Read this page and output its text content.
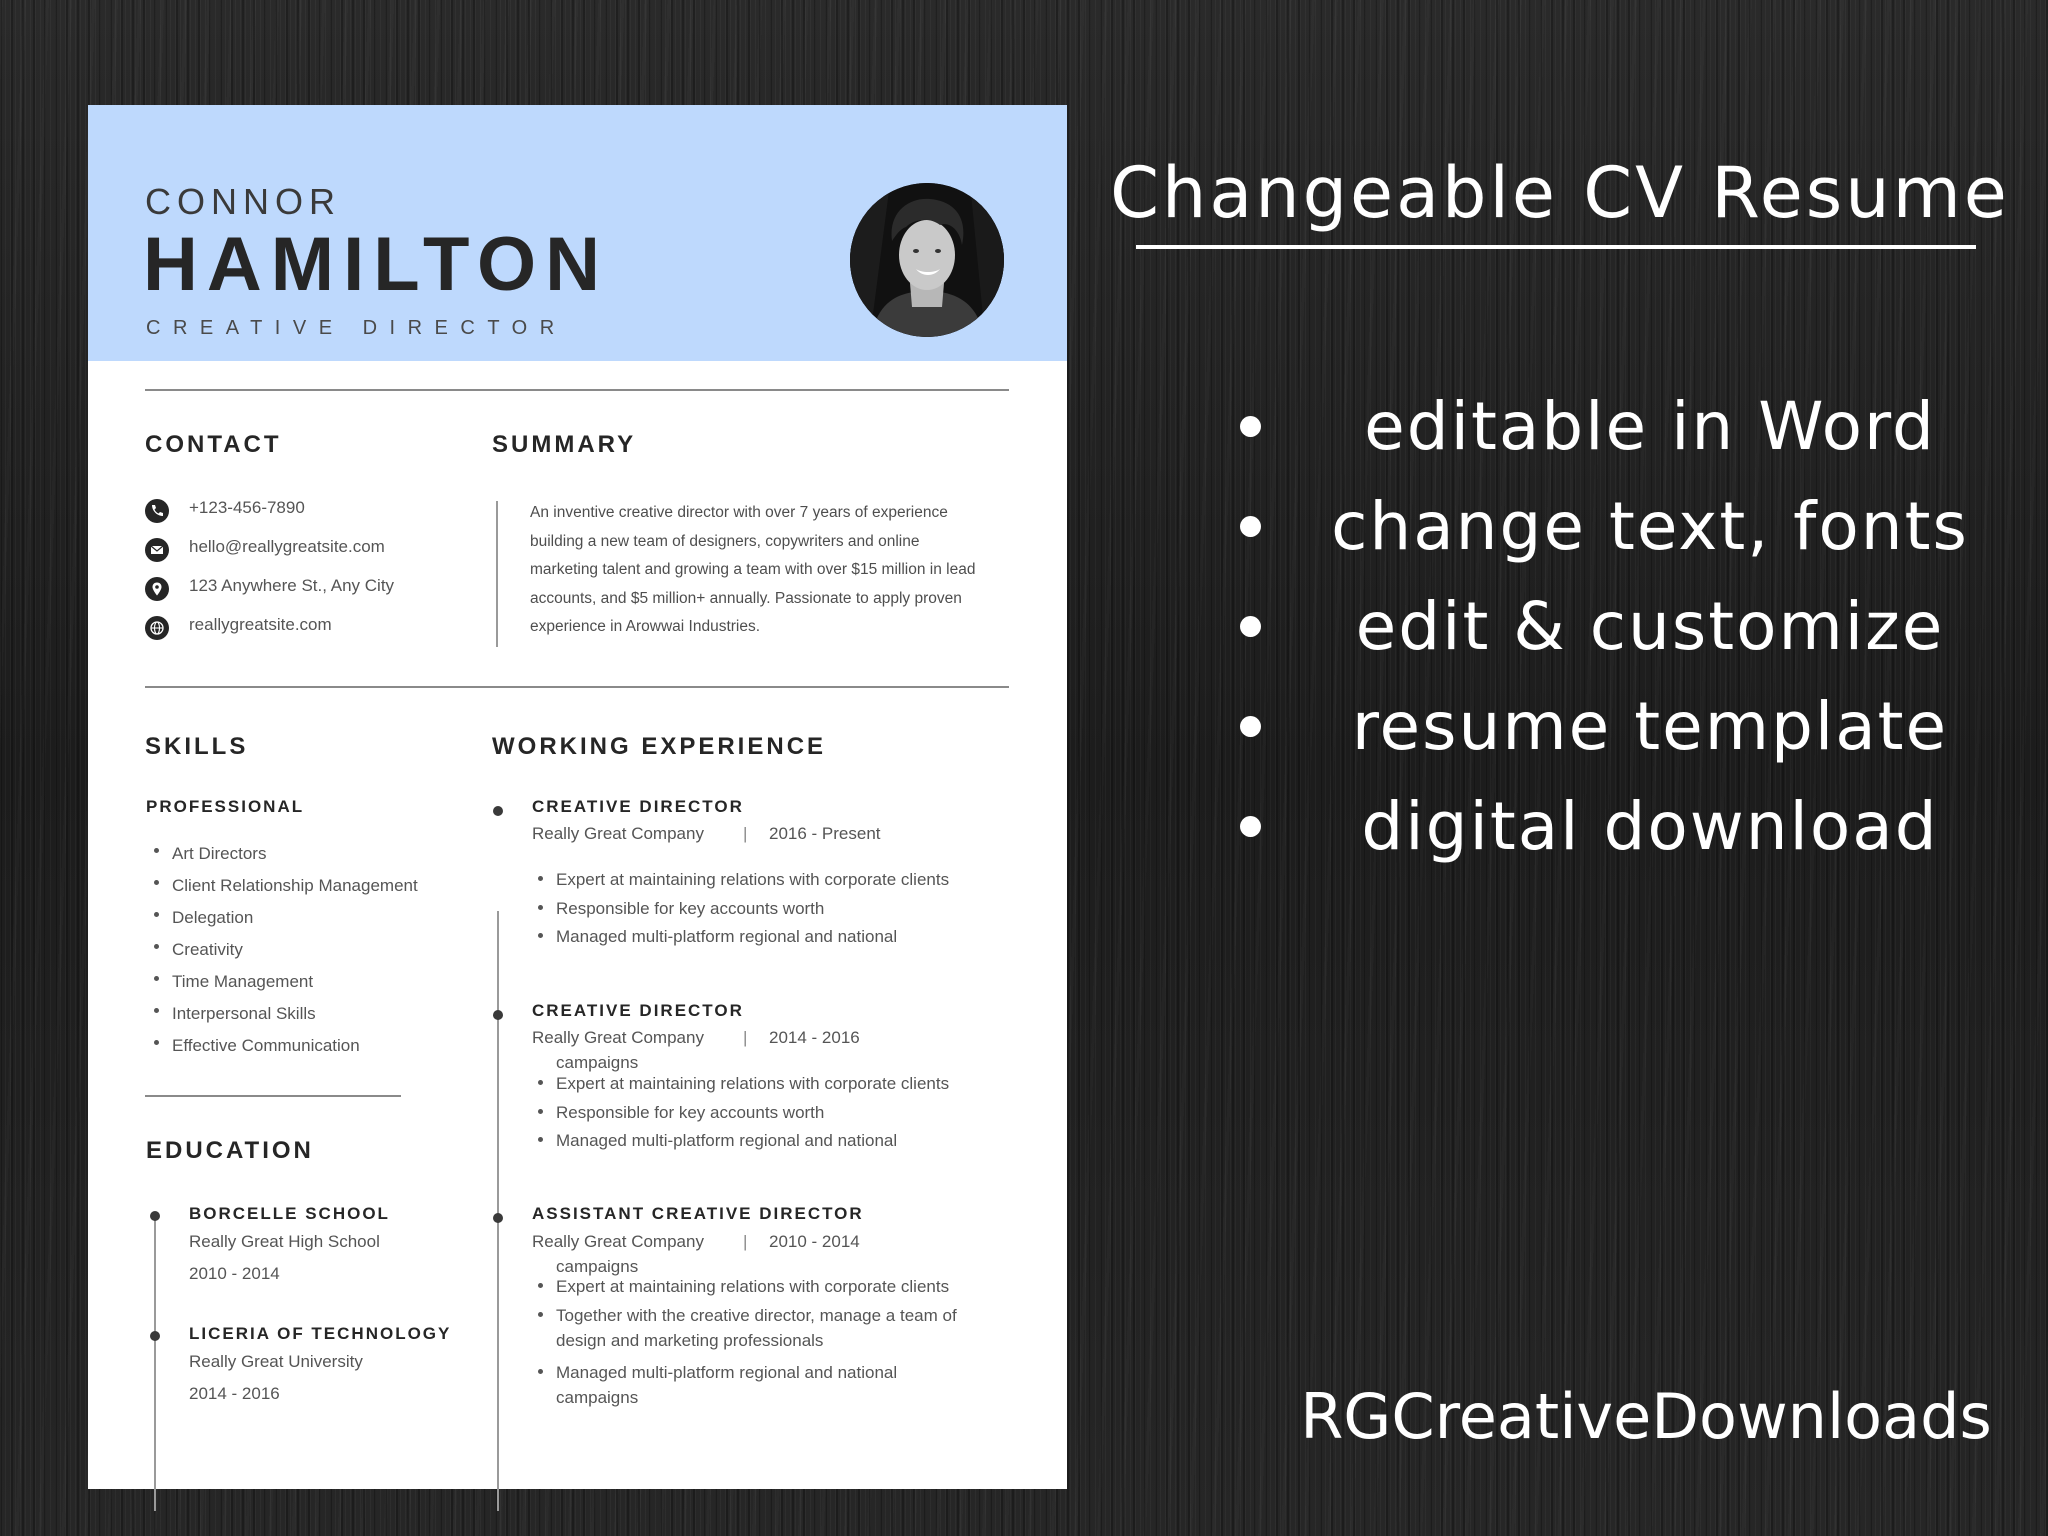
CONNOR
HAMILTON
CREATIVE DIRECTOR
CONTACT
+123-456-7890
hello@reallygreatsite.com
123 Anywhere St., Any City
reallygreatsite.com
SUMMARY
An inventive creative director with over 7 years of experience
building a new team of designers, copywriters and online
marketing talent and growing a team with over $15 million in lead
accounts, and $5 million+ annually. Passionate to apply proven
experience in Arowwai Industries.
SKILLS
PROFESSIONAL
Art Directors
Client Relationship Management
Delegation
Creativity
Time Management
Interpersonal Skills
Effective Communication
EDUCATION
BORCELLE SCHOOL
Really Great High School
2010 - 2014
LICERIA OF TECHNOLOGY
Really Great University
2014 - 2016
WORKING EXPERIENCE
CREATIVE DIRECTOR
Really Great Company | 2016 - Present
Expert at maintaining relations with corporate clients
Responsible for key accounts worth
Managed multi-platform regional and national
campaigns
CREATIVE DIRECTOR
Really Great Company | 2014 - 2016
Expert at maintaining relations with corporate clients
Responsible for key accounts worth
Managed multi-platform regional and national
campaigns
ASSISTANT CREATIVE DIRECTOR
Really Great Company | 2010 - 2014
Expert at maintaining relations with corporate clients
Together with the creative director, manage a team of
design and marketing professionals
Managed multi-platform regional and national
campaigns
Changeable CV Resume
editable in Word
change text, fonts
edit & customize
resume template
digital download
RGCreativeDownloads
